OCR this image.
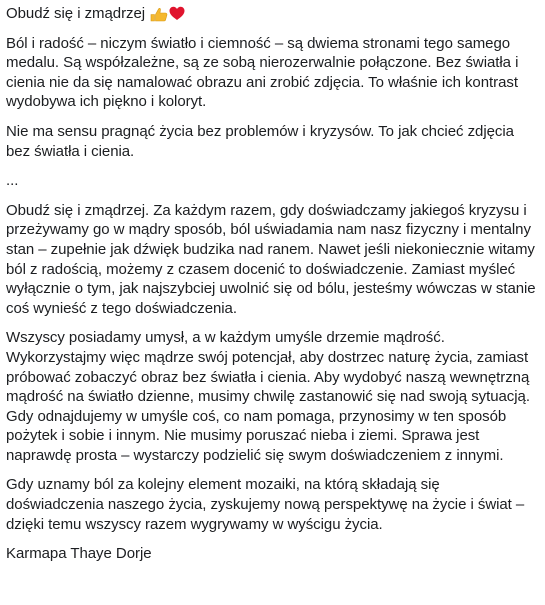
Obudź się i zmądrzej

Ból i radość – niczym światło i ciemność – są dwiema stronami tego samego medalu. Są współzależne, są ze sobą nierozerwalnie połączone. Bez światła i cienia nie da się namalować obrazu ani zrobić zdjęcia. To właśnie ich kontrast wydobywa ich piękno i koloryt.

Nie ma sensu pragnąć życia bez problemów i kryzysów. To jak chcieć zdjęcia bez światła i cienia.

...

Obudź się i zmądrzej. Za każdym razem, gdy doświadczamy jakiegoś kryzysu i przeżywamy go w mądry sposób, ból uświadamia nam nasz fizyczny i mentalny stan – zupełnie jak dźwięk budzika nad ranem. Nawet jeśli niekoniecznie witamy ból z radością, możemy z czasem docenić to doświadczenie. Zamiast myśleć wyłącznie o tym, jak najszybciej uwolnić się od bólu, jesteśmy wówczas w stanie coś wynieść z tego doświadczenia.

Wszyscy posiadamy umysł, a w każdym umyśle drzemie mądrość. Wykorzystajmy więc mądrze swój potencjał, aby dostrzec naturę życia, zamiast próbować zobaczyć obraz bez światła i cienia. Aby wydobyć naszą wewnętrzną mądrość na światło dzienne, musimy chwilę zastanowić się nad swoją sytuacją. Gdy odnajdujemy w umyśle coś, co nam pomaga, przynosimy w ten sposób pożytek i sobie i innym. Nie musimy poruszać nieba i ziemi. Sprawa jest naprawdę prosta – wystarczy podzielić się swym doświadczeniem z innymi.

Gdy uznamy ból za kolejny element mozaiki, na którą składają się doświadczenia naszego życia, zyskujemy nową perspektywę na życie i świat – dzięki temu wszyscy razem wygrywamy w wyścigu życia.

Karmapa Thaye Dorje
